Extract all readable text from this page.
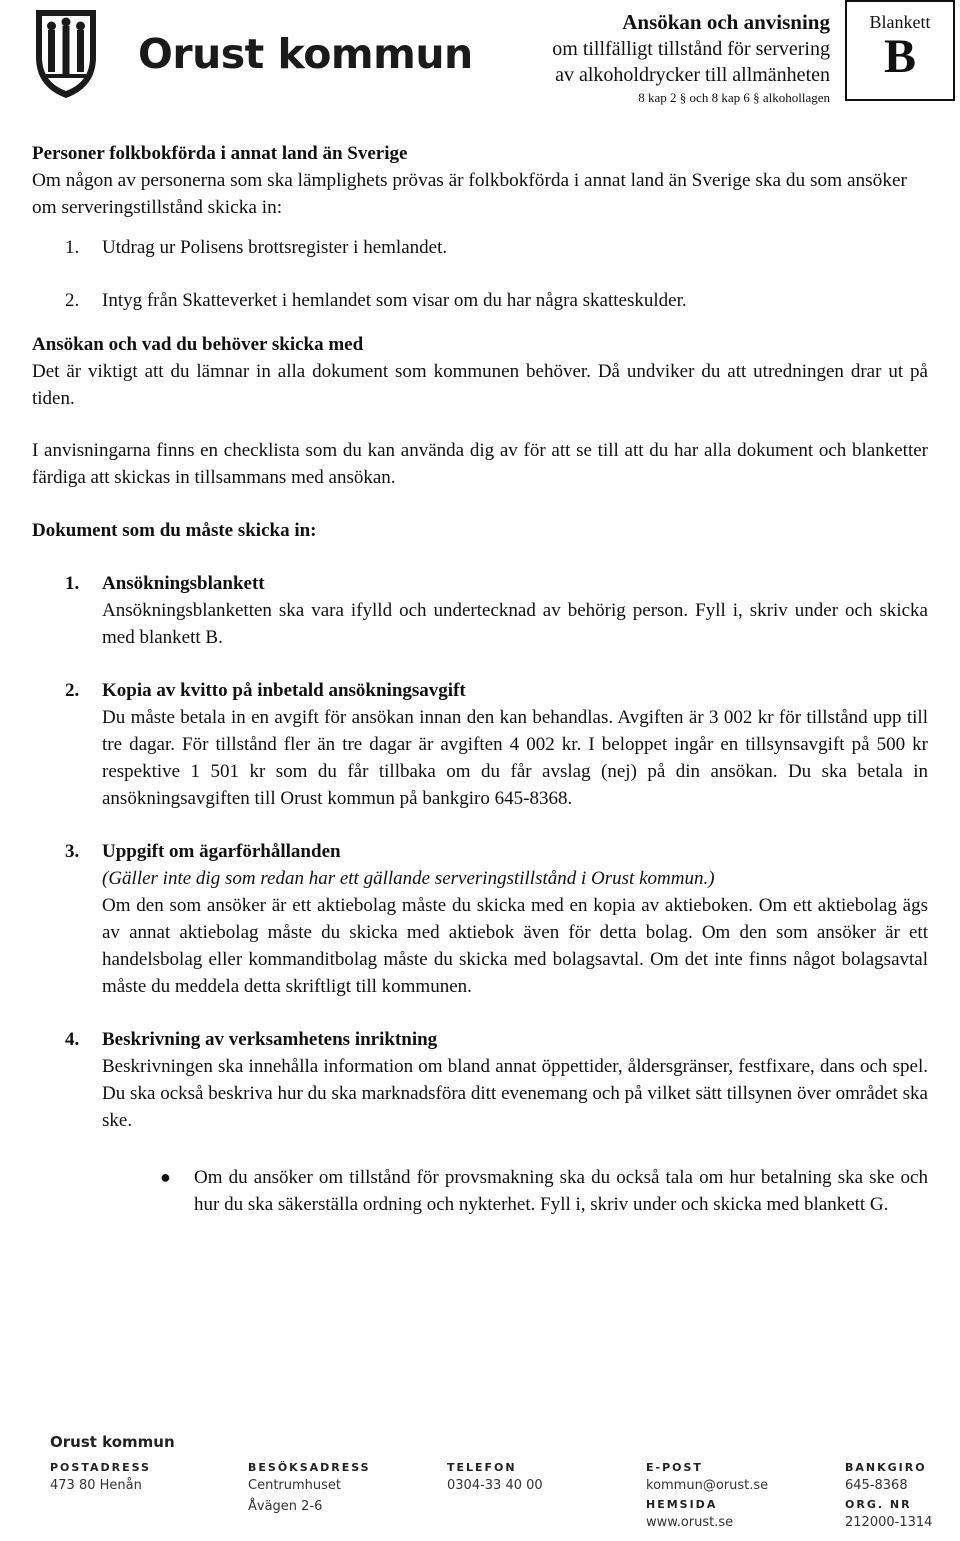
Orust kommun
Ansökan och anvisning
om tillfälligt tillstånd för servering
av alkoholdrycker till allmänheten
8 kap 2 § och 8 kap 6 § alkohollagen
Blankett
B
Personer folkbokförda i annat land än Sverige

Om någon av personerna som ska lämplighets prövas är folkbokförda i annat land än Sverige ska du som ansöker om serveringstillstånd skicka in:

1.	Utdrag ur Polisens brottsregister i hemlandet.
2.	Intyg från Skatteverket i hemlandet som visar om du har några skatteskulder.
Ansökan och vad du behöver skicka med

Det är viktigt att du lämnar in alla dokument som kommunen behöver. Då undviker du att utredningen drar ut på tiden.

I anvisningarna finns en checklista som du kan använda dig av för att se till att du har alla dokument och blanketter färdiga att skickas in tillsammans med ansökan.

Dokument som du måste skicka in:
1.	Ansökningsblankett

Ansökningsblanketten ska vara ifylld och undertecknad av behörig person. Fyll i, skriv under och skicka med blankett B.

2.	Kopia av kvitto på inbetald ansökningsavgift

Du måste betala in en avgift för ansökan innan den kan behandlas. Avgiften är 3 002 kr för tillstånd upp till tre dagar. För tillstånd fler än tre dagar är avgiften 4 002 kr. I beloppet ingår en tillsynsavgift på 500 kr respektive 1 501 kr som du får tillbaka om du får avslag (nej) på din ansökan. Du ska betala in ansökningsavgiften till Orust kommun på bankgiro 645-8368.

3.	Uppgift om ägarförhållanden

(Gäller inte dig som redan har ett gällande serveringstillstånd i Orust kommun.)

Om den som ansöker är ett aktiebolag måste du skicka med en kopia av aktieboken. Om ett aktiebolag ägs av annat aktiebolag måste du skicka med aktiebok även för detta bolag. Om den som ansöker är ett handelsbolag eller kommanditbolag måste du skicka med bolagsavtal. Om det inte finns något bolagsavtal måste du meddela detta skriftligt till kommunen.

4.	Beskrivning av verksamhetens inriktning

Beskrivningen ska innehålla information om bland annat öppettider, åldersgränser, festfixare, dans och spel. Du ska också beskriva hur du ska marknadsföra ditt evenemang och på vilket sätt tillsynen över området ska ske.

●	Om du ansöker om tillstånd för provsmakning ska du också tala om hur betalning ska ske och hur du ska säkerställa ordning och nykterhet. Fyll i, skriv under och skicka med blankett G.
Orust kommun
POSTADRESS
473 80 Henån
BESÖKSADRESS
Centrumhuset
Åvägen 2-6
TELEFON
0304-33 40 00
E-POST
kommun@orust.se
HEMSIDA
www.orust.se
BANKGIRO
645-8368
ORG. NR
212000-1314
